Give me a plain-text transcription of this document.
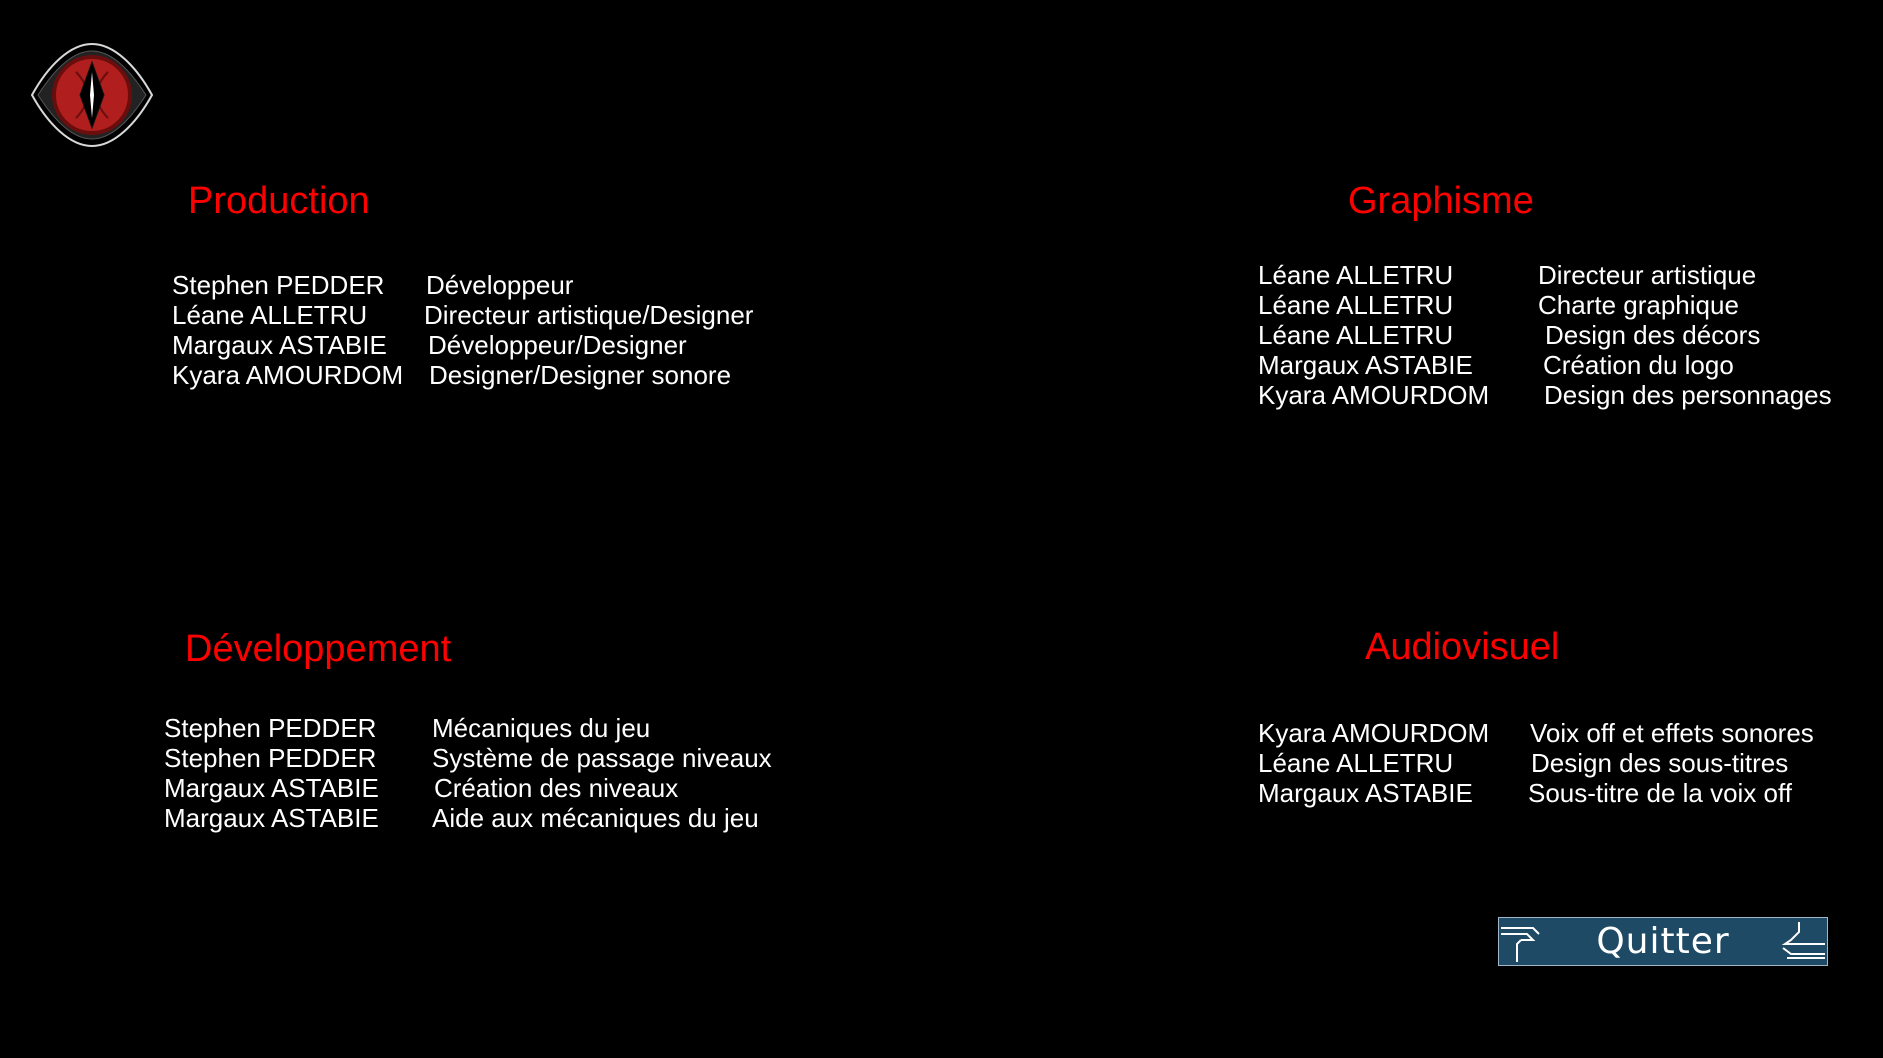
Production
Stephen PEDDER Développeur
Léane ALLETRU Directeur artistique/Designer
Margaux ASTABIE Développeur/Designer
Kyara AMOURDOM Designer/Designer sonore
Graphisme
Léane ALLETRU	Directeur artistique
Léane ALLETRU	Charte graphique
Léane ALLETRU	Design des décors
Margaux ASTABIE	Création du logo
Kyara AMOURDOM Design des personnages
Développement
Stephen PEDDER Mécaniques du jeu
Stephen PEDDER Système de passage niveaux
Margaux ASTABIE Création des niveaux
Margaux ASTABIE Aide aux mécaniques du jeu
Audiovisuel
Kyara AMOURDOM Voix off et effets sonores
Léane ALLETRU	Design des sous-titres
Margaux ASTABIE Sous-titre de la voix off
Quitter
